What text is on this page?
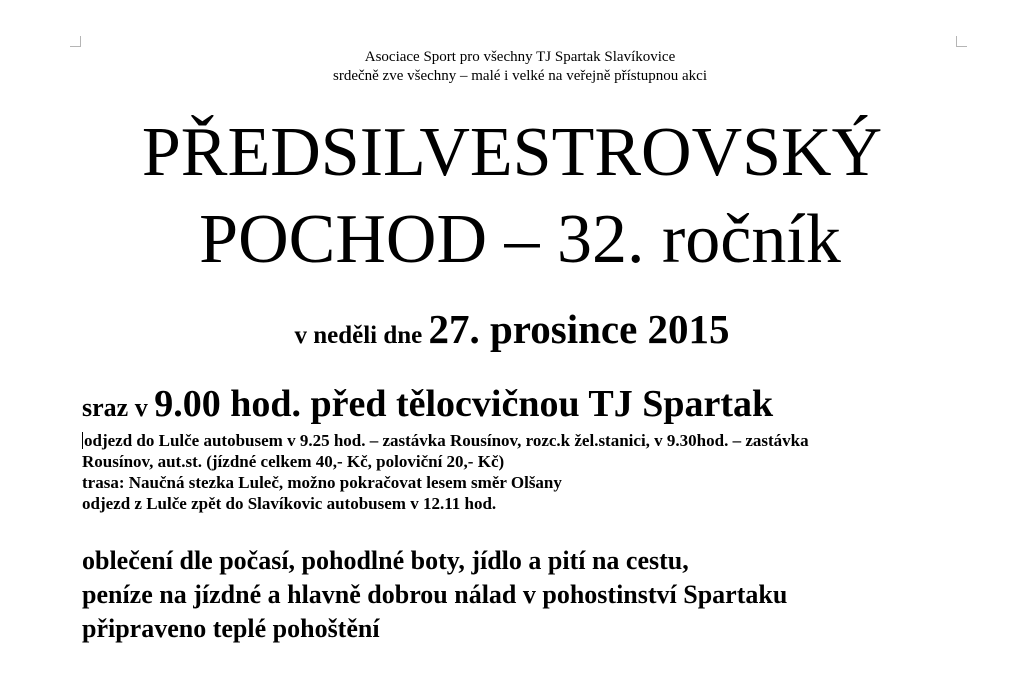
Asociace Sport pro všechny TJ Spartak Slavíkovice
srdečně zve všechny – malé i velké na veřejně přístupnou akci
PŘEDSILVESTROVSKÝ
POCHOD – 32. ročník
v neděli dne 27. prosince 2015
sraz v 9.00 hod. před tělocvičnou TJ Spartak
odjezd do Lulče autobusem v 9.25 hod. – zastávka Rousínov, rozc.k žel.stanici, v 9.30hod. – zastávka
Rousínov, aut.st. (jízdné celkem 40,- Kč, poloviční 20,- Kč)
trasa: Naučná stezka Luleč, možno pokračovat lesem směr Olšany
odjezd z Lulče zpět do Slavíkovic autobusem v 12.11 hod.
oblečení dle počasí, pohodlné boty, jídlo a pití na cestu,
peníze na jízdné a hlavně dobrou nálad v pohostinství Spartaku
připraveno teplé pohoštění
